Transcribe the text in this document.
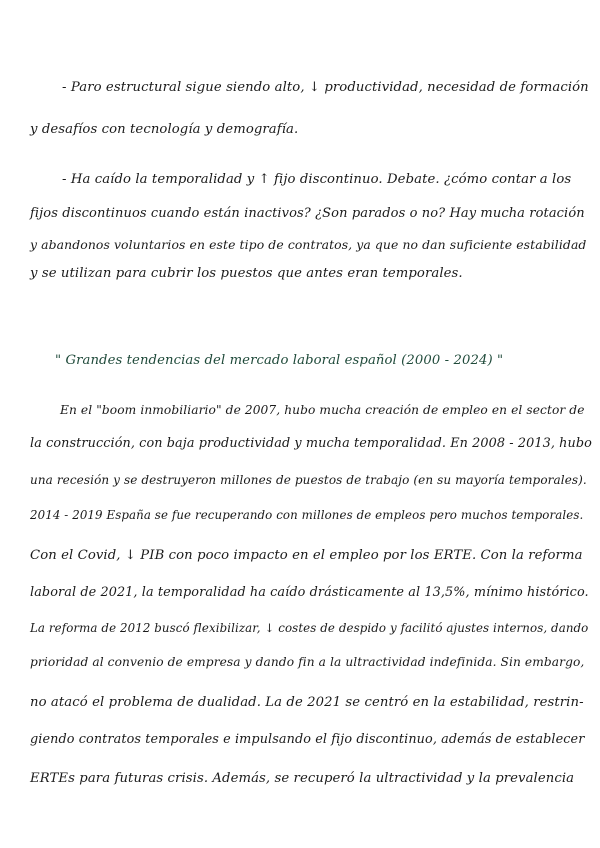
- Paro estructural sigue siendo alto, ↓ productividad, necesidad de formación
y desafíos con tecnología y demografía.
- Ha caído la temporalidad y ↑ fijo discontinuo. Debate. ¿cómo contar a los
fijos discontinuos cuando están inactivos? ¿Son parados o no? Hay mucha rotación
y abandonos voluntarios en este tipo de contratos, ya que no dan suficiente estabilidad
y se utilizan para cubrir los puestos que antes eran temporales.
" Grandes tendencias del mercado laboral español (2000 - 2024) "
En el "boom inmobiliario" de 2007, hubo mucha creación de empleo en el sector de
la construcción, con baja productividad y mucha temporalidad. En 2008 - 2013, hubo
una recesión y se destruyeron millones de puestos de trabajo (en su mayoría temporales).
2014 - 2019 España se fue recuperando con millones de empleos pero muchos temporales.
Con el Covid, ↓ PIB con poco impacto en el empleo por los ERTE. Con la reforma
laboral de 2021, la temporalidad ha caído drásticamente al 13,5%, mínimo histórico.
La reforma de 2012 buscó flexibilizar, ↓ costes de despido y facilitó ajustes internos, dando
prioridad al convenio de empresa y dando fin a la ultractividad indefinida. Sin embargo,
no atacó el problema de dualidad. La de 2021 se centró en la estabilidad, restrin-
giendo contratos temporales e impulsando el fijo discontinuo, además de establecer
ERTEs para futuras crisis. Además, se recuperó la ultractividad y la prevalencia
